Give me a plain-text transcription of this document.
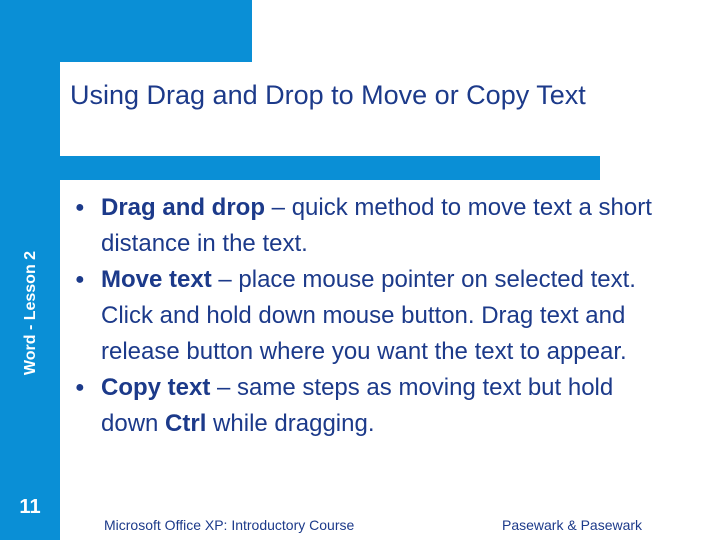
Using Drag and Drop to Move or Copy Text
Word - Lesson 2
11
● Drag and drop – quick method to move text a short distance in the text.
● Move text – place mouse pointer on selected text. Click and hold down mouse button. Drag text and release button where you want the text to appear.
● Copy text – same steps as moving text but hold down Ctrl while dragging.
Microsoft Office XP: Introductory Course	Pasewark & Pasewark
